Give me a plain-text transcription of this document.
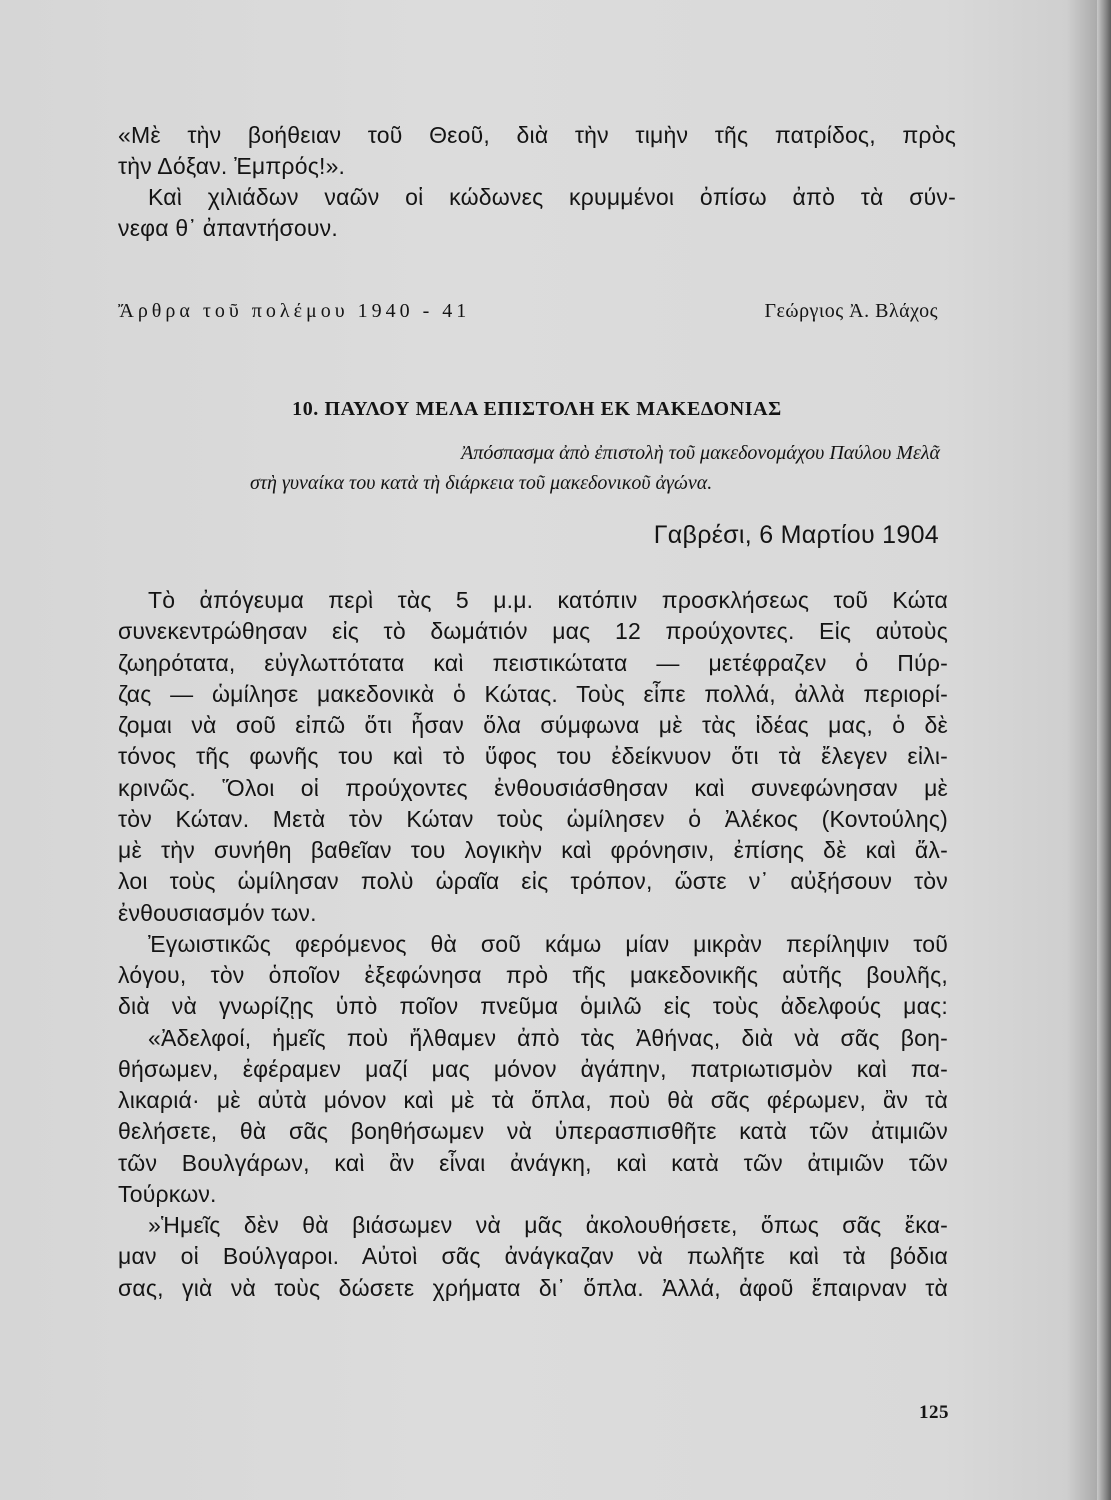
«Μὲ τὴν βοήθειαν τοῦ Θεοῦ, διὰ τὴν τιμὴν τῆς πατρίδος, πρὸς
τὴν Δόξαν. Ἐμπρός!».
Καὶ χιλιάδων ναῶν οἱ κώδωνες κρυμμένοι ὀπίσω ἀπὸ τὰ σύν-
νεφα θ᾽ ἀπαντήσουν.
Ἄρθρα τοῦ πολέμου 1940 - 41	Γεώργιος Ἀ. Βλάχος
10. ΠΑΥΛΟΥ ΜΕΛΑ ΕΠΙΣΤΟΛΗ ΕΚ ΜΑΚΕΔΟΝΙΑΣ
Ἀπόσπασμα ἀπὸ ἐπιστολὴ τοῦ μακεδονομάχου Παύλου Μελᾶ
στὴ γυναίκα του κατὰ τὴ διάρκεια τοῦ μακεδονικοῦ ἀγώνα.
Γαβρέσι, 6 Μαρτίου 1904
Τὸ ἀπόγευμα περὶ τὰς 5 μ.μ. κατόπιν προσκλήσεως τοῦ Κώτα
συνεκεντρώθησαν εἰς τὸ δωμάτιόν μας 12 προύχοντες. Εἰς αὐτοὺς
ζωηρότατα, εὐγλωττότατα καὶ πειστικώτατα — μετέφραζεν ὁ Πύρ-
ζας — ὡμίλησε μακεδονικὰ ὁ Κώτας. Τοὺς εἶπε πολλά, ἀλλὰ περιορί-
ζομαι νὰ σοῦ εἰπῶ ὅτι ἦσαν ὅλα σύμφωνα μὲ τὰς ἰδέας μας, ὁ δὲ
τόνος τῆς φωνῆς του καὶ τὸ ὕφος του ἐδείκνυον ὅτι τὰ ἔλεγεν εἰλι-
κρινῶς. Ὅλοι οἱ προύχοντες ἐνθουσιάσθησαν καὶ συνεφώνησαν μὲ
τὸν Κώταν. Μετὰ τὸν Κώταν τοὺς ὡμίλησεν ὁ Ἀλέκος (Κοντούλης)
μὲ τὴν συνήθη βαθεῖαν του λογικὴν καὶ φρόνησιν, ἐπίσης δὲ καὶ ἄλ-
λοι τοὺς ὡμίλησαν πολὺ ὡραῖα εἰς τρόπον, ὥστε ν᾽ αὐξήσουν τὸν
ἐνθουσιασμόν των.
Ἐγωιστικῶς φερόμενος θὰ σοῦ κάμω μίαν μικρὰν περίληψιν τοῦ
λόγου, τὸν ὁποῖον ἐξεφώνησα πρὸ τῆς μακεδονικῆς αὐτῆς βουλῆς,
διὰ νὰ γνωρίζῃς ὑπὸ ποῖον πνεῦμα ὁμιλῶ εἰς τοὺς ἀδελφούς μας:
«Ἀδελφοί, ἡμεῖς ποὺ ἤλθαμεν ἀπὸ τὰς Ἀθήνας, διὰ νὰ σᾶς βοη-
θήσωμεν, ἐφέραμεν μαζί μας μόνον ἀγάπην, πατριωτισμὸν καὶ πα-
λικαριά· μὲ αὐτὰ μόνον καὶ μὲ τὰ ὅπλα, ποὺ θὰ σᾶς φέρωμεν, ἂν τὰ
θελήσετε, θὰ σᾶς βοηθήσωμεν νὰ ὑπερασπισθῆτε κατὰ τῶν ἀτιμιῶν
τῶν Βουλγάρων, καὶ ἂν εἶναι ἀνάγκη, καὶ κατὰ τῶν ἀτιμιῶν τῶν
Τούρκων.
»Ἡμεῖς δὲν θὰ βιάσωμεν νὰ μᾶς ἀκολουθήσετε, ὅπως σᾶς ἔκα-
μαν οἱ Βούλγαροι. Αὐτοὶ σᾶς ἀνάγκαζαν νὰ πωλῆτε καὶ τὰ βόδια
σας, γιὰ νὰ τοὺς δώσετε χρήματα δι᾽ ὅπλα. Ἀλλά, ἀφοῦ ἔπαιρναν τὰ
125
